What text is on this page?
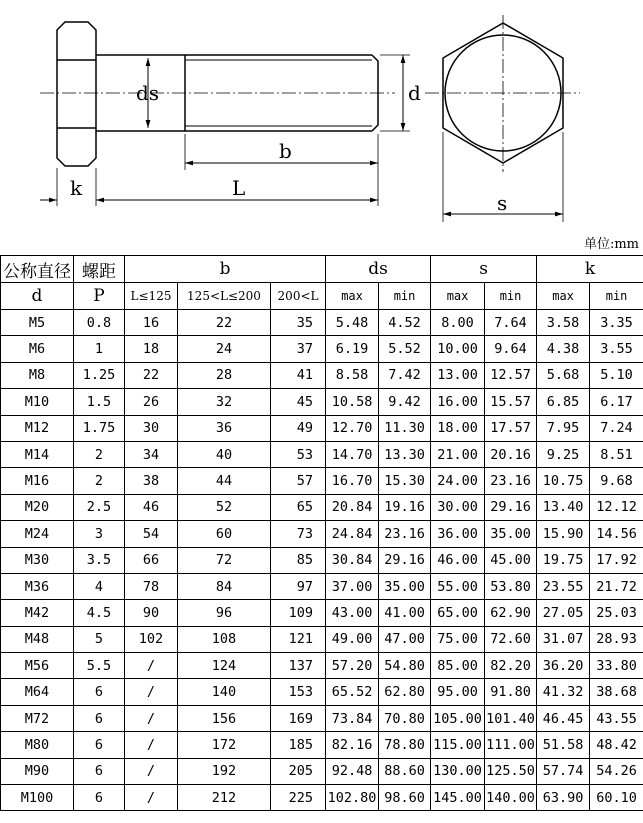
ds	d
b
L
k
s
单位:mm
公称直径	螺距	b			ds		s		k	
d	P	L≤125	125<L≤200	200<L	max	min	max	min	max	min
M5	0.8	16	22	35	5.48	4.52	8.00	7.64	3.58	3.35
M6	1	18	24	37	6.19	5.52	10.00	9.64	4.38	3.55
M8	1.25	22	28	41	8.58	7.42	13.00	12.57	5.68	5.10
M10	1.5	26	32	45	10.58	9.42	16.00	15.57	6.85	6.17
M12	1.75	30	36	49	12.70	11.30	18.00	17.57	7.95	7.24
M14	2	34	40	53	14.70	13.30	21.00	20.16	9.25	8.51
M16	2	38	44	57	16.70	15.30	24.00	23.16	10.75	9.68
M20	2.5	46	52	65	20.84	19.16	30.00	29.16	13.40	12.12
M24	3	54	60	73	24.84	23.16	36.00	35.00	15.90	14.56
M30	3.5	66	72	85	30.84	29.16	46.00	45.00	19.75	17.92
M36	4	78	84	97	37.00	35.00	55.00	53.80	23.55	21.72
M42	4.5	90	96	109	43.00	41.00	65.00	62.90	27.05	25.03
M48	5	102	108	121	49.00	47.00	75.00	72.60	31.07	28.93
M56	5.5	/	124	137	57.20	54.80	85.00	82.20	36.20	33.80
M64	6	/	140	153	65.52	62.80	95.00	91.80	41.32	38.68
M72	6	/	156	169	73.84	70.80	105.00	101.40	46.45	43.55
M80	6	/	172	185	82.16	78.80	115.00	111.00	51.58	48.42
M90	6	/	192	205	92.48	88.60	130.00	125.50	57.74	54.26
M100	6	/	212	225	102.80	98.60	145.00	140.00	63.90	60.10
